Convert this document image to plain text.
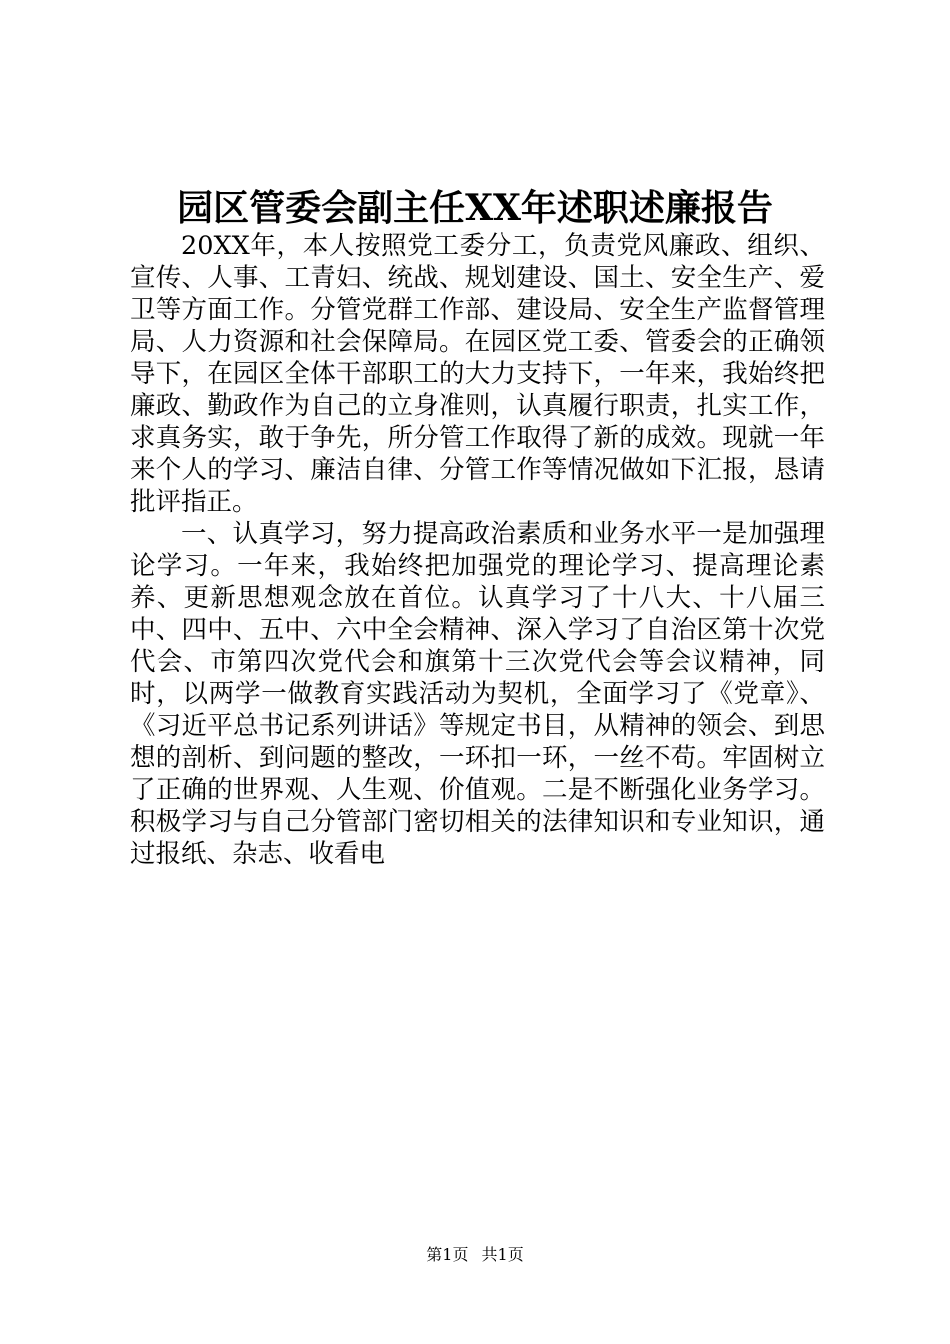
园区管委会副主任XX年述职述廉报告

20XX年，本人按照党工委分工，负责党风廉政、组织、宣传、人事、工青妇、统战、规划建设、国土、安全生产、爱卫等方面工作。分管党群工作部、建设局、安全生产监督管理局、人力资源和社会保障局。在园区党工委、管委会的正确领导下，在园区全体干部职工的大力支持下，一年来，我始终把廉政、勤政作为自己的立身准则，认真履行职责，扎实工作，求真务实，敢于争先，所分管工作取得了新的成效。现就一年来个人的学习、廉洁自律、分管工作等情况做如下汇报，恳请批评指正。

一、认真学习，努力提高政治素质和业务水平一是加强理论学习。一年来，我始终把加强党的理论学习、提高理论素养、更新思想观念放在首位。认真学习了十八大、十八届三中、四中、五中、六中全会精神、深入学习了自治区第十次党代会、市第四次党代会和旗第十三次党代会等会议精神，同时，以两学一做教育实践活动为契机，全面学习了《党章》、《习近平总书记系列讲话》等规定书目，从精神的领会、到思想的剖析、到问题的整改，一环扣一环，一丝不苟。牢固树立了正确的世界观、人生观、价值观。二是不断强化业务学习。积极学习与自己分管部门密切相关的法律知识和专业知识，通过报纸、杂志、收看电

第1页 共1页
